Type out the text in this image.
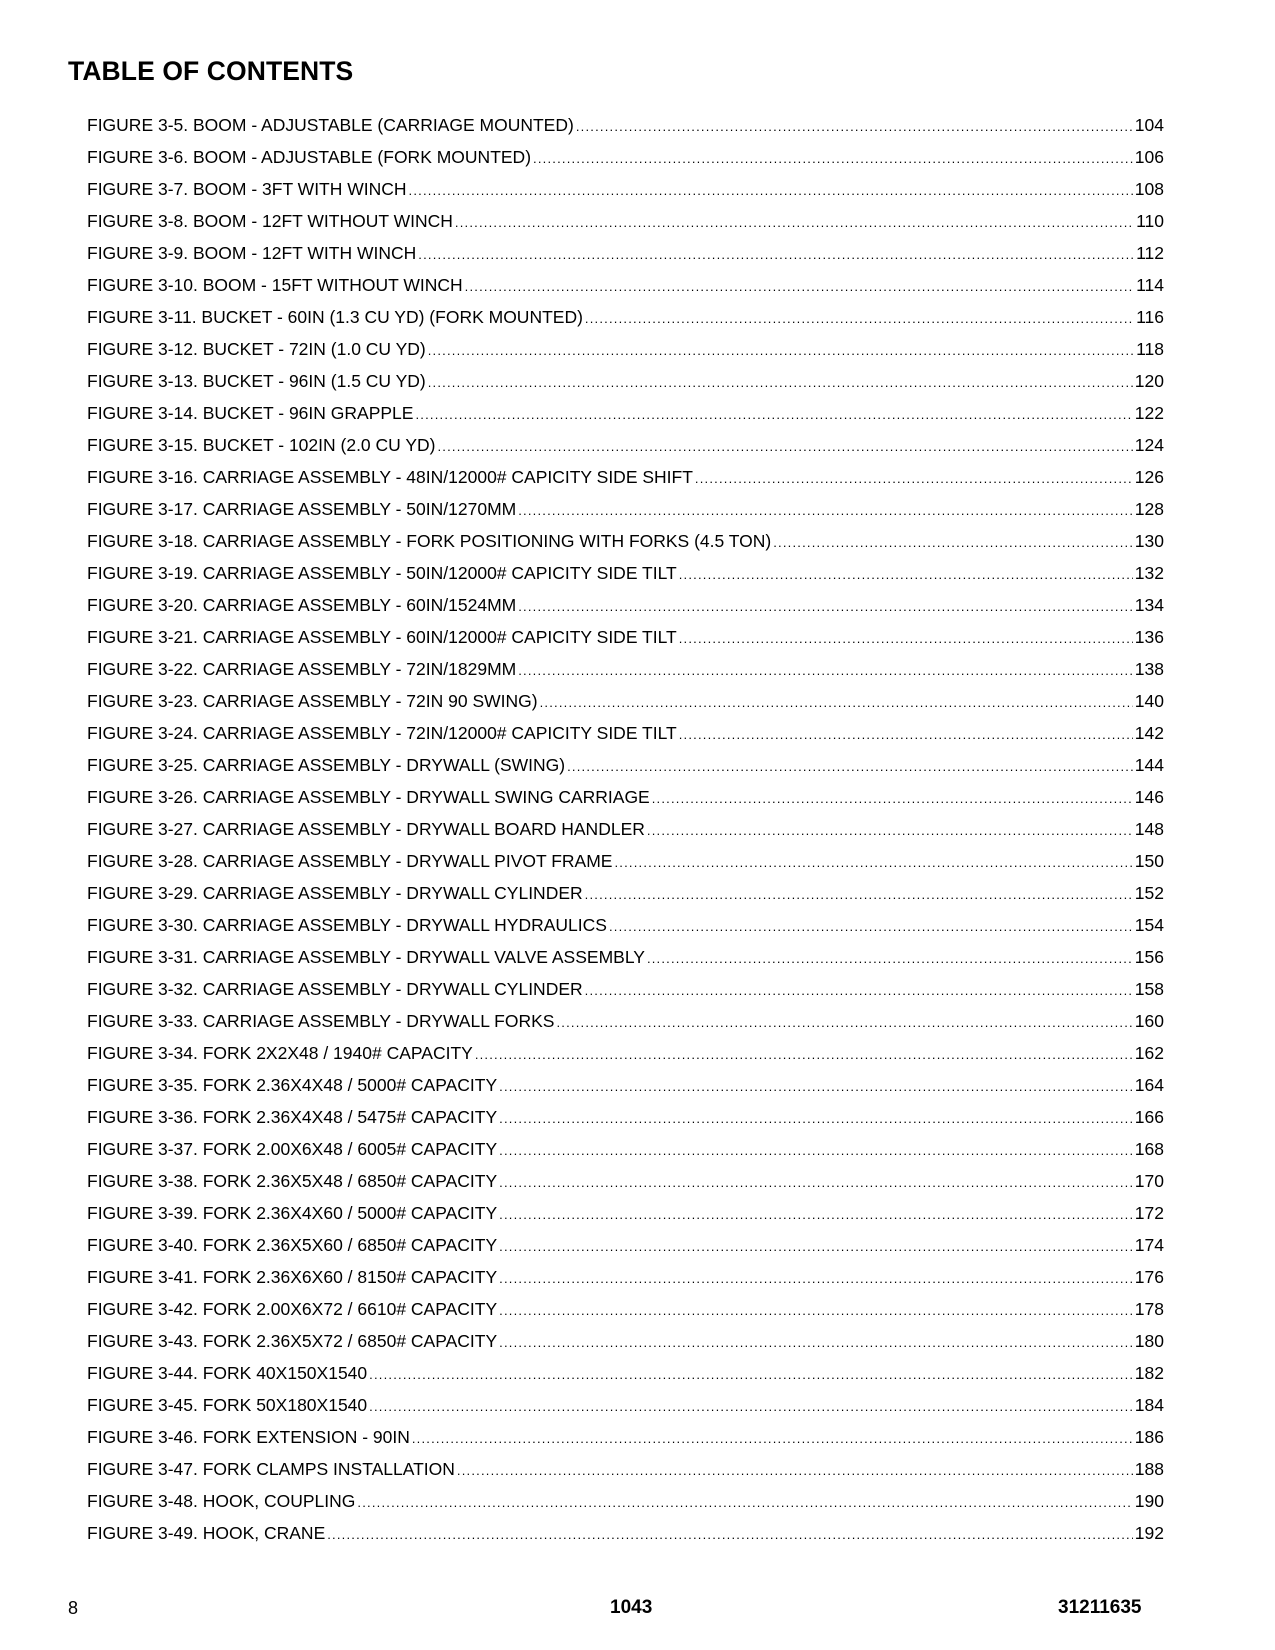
TABLE OF CONTENTS
FIGURE 3-5. BOOM - ADJUSTABLE (CARRIAGE MOUNTED) .....	104
FIGURE 3-6. BOOM - ADJUSTABLE (FORK MOUNTED) .....	106
FIGURE 3-7. BOOM - 3FT WITH WINCH .....	108
FIGURE 3-8. BOOM - 12FT WITHOUT WINCH .....	110
FIGURE 3-9. BOOM - 12FT WITH WINCH .....	112
FIGURE 3-10. BOOM - 15FT WITHOUT WINCH .....	114
FIGURE 3-11. BUCKET - 60IN (1.3 CU YD) (FORK MOUNTED) .....	116
FIGURE 3-12. BUCKET - 72IN (1.0 CU YD) .....	118
FIGURE 3-13. BUCKET - 96IN (1.5 CU YD) .....	120
FIGURE 3-14. BUCKET - 96IN GRAPPLE .....	122
FIGURE 3-15. BUCKET - 102IN (2.0 CU YD) .....	124
FIGURE 3-16. CARRIAGE ASSEMBLY - 48IN/12000# CAPICITY SIDE SHIFT .....	126
FIGURE 3-17. CARRIAGE ASSEMBLY - 50IN/1270MM .....	128
FIGURE 3-18. CARRIAGE ASSEMBLY - FORK POSITIONING WITH FORKS (4.5 TON) .....	130
FIGURE 3-19. CARRIAGE ASSEMBLY - 50IN/12000# CAPICITY SIDE TILT .....	132
FIGURE 3-20. CARRIAGE ASSEMBLY - 60IN/1524MM .....	134
FIGURE 3-21. CARRIAGE ASSEMBLY - 60IN/12000# CAPICITY SIDE TILT .....	136
FIGURE 3-22. CARRIAGE ASSEMBLY - 72IN/1829MM .....	138
FIGURE 3-23. CARRIAGE ASSEMBLY - 72IN 90 SWING) .....	140
FIGURE 3-24. CARRIAGE ASSEMBLY - 72IN/12000# CAPICITY SIDE TILT .....	142
FIGURE 3-25. CARRIAGE ASSEMBLY - DRYWALL (SWING) .....	144
FIGURE 3-26. CARRIAGE ASSEMBLY - DRYWALL SWING CARRIAGE .....	146
FIGURE 3-27. CARRIAGE ASSEMBLY - DRYWALL BOARD HANDLER .....	148
FIGURE 3-28. CARRIAGE ASSEMBLY - DRYWALL PIVOT FRAME .....	150
FIGURE 3-29. CARRIAGE ASSEMBLY - DRYWALL CYLINDER .....	152
FIGURE 3-30. CARRIAGE ASSEMBLY - DRYWALL HYDRAULICS .....	154
FIGURE 3-31. CARRIAGE ASSEMBLY - DRYWALL VALVE ASSEMBLY .....	156
FIGURE 3-32. CARRIAGE ASSEMBLY - DRYWALL CYLINDER .....	158
FIGURE 3-33. CARRIAGE ASSEMBLY - DRYWALL FORKS .....	160
FIGURE 3-34. FORK 2X2X48 / 1940# CAPACITY .....	162
FIGURE 3-35. FORK 2.36X4X48 / 5000# CAPACITY .....	164
FIGURE 3-36. FORK 2.36X4X48 / 5475# CAPACITY .....	166
FIGURE 3-37. FORK 2.00X6X48 / 6005# CAPACITY .....	168
FIGURE 3-38. FORK 2.36X5X48 / 6850# CAPACITY .....	170
FIGURE 3-39. FORK 2.36X4X60 / 5000# CAPACITY .....	172
FIGURE 3-40. FORK 2.36X5X60 / 6850# CAPACITY .....	174
FIGURE 3-41. FORK 2.36X6X60 / 8150# CAPACITY .....	176
FIGURE 3-42. FORK 2.00X6X72 / 6610# CAPACITY .....	178
FIGURE 3-43. FORK 2.36X5X72 / 6850# CAPACITY .....	180
FIGURE 3-44. FORK 40X150X1540 .....	182
FIGURE 3-45. FORK 50X180X1540 .....	184
FIGURE 3-46. FORK EXTENSION - 90IN .....	186
FIGURE 3-47. FORK CLAMPS INSTALLATION .....	188
FIGURE 3-48. HOOK, COUPLING .....	190
FIGURE 3-49. HOOK, CRANE .....	192
8	1043	31211635
